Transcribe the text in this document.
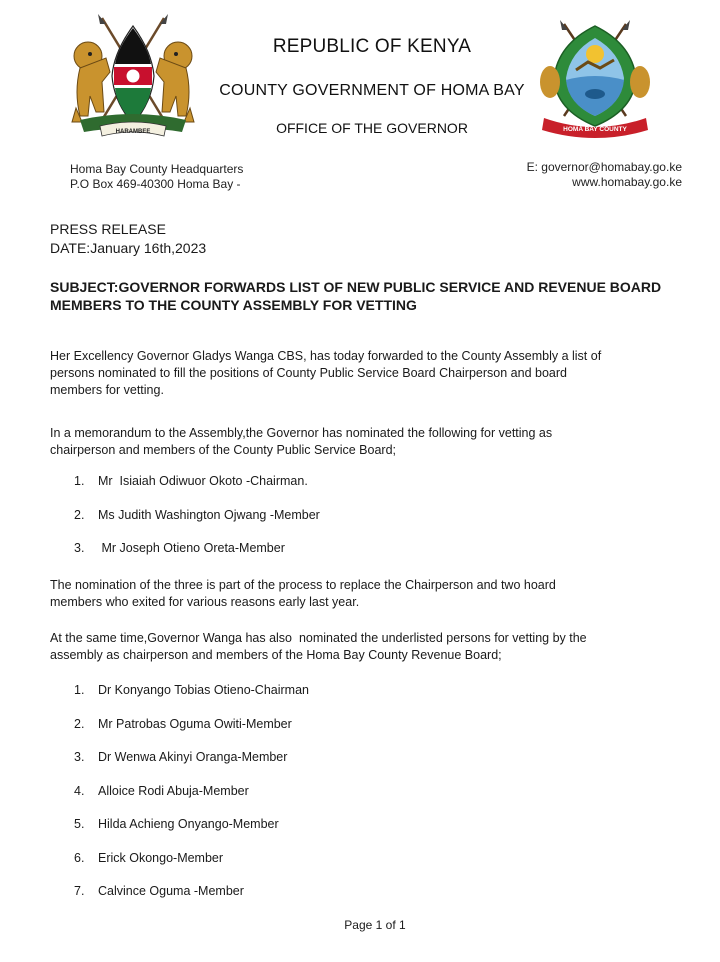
HARAMBEE	HOMA BAY COUNTY
REPUBLIC OF KENYA
COUNTY GOVERNMENT OF HOMA BAY
OFFICE OF THE GOVERNOR
Homa Bay County Headquarters
P.O Box 469-40300 Homa Bay -
E: governor@homabay.go.ke
www.homabay.go.ke
PRESS RELEASE
DATE:January 16th,2023
SUBJECT:GOVERNOR FORWARDS LIST OF NEW PUBLIC SERVICE AND REVENUE BOARD
MEMBERS TO THE COUNTY ASSEMBLY FOR VETTING
Her Excellency Governor Gladys Wanga CBS, has today forwarded to the County Assembly a list of
persons nominated to fill the positions of County Public Service Board Chairperson and board
members for vetting.
In a memorandum to the Assembly,the Governor has nominated the following for vetting as
chairperson and members of the County Public Service Board;
1.	Mr  Isiaiah Odiwuor Okoto -Chairman.
2.	Ms Judith Washington Ojwang -Member
3.	Mr Joseph Otieno Oreta-Member
The nomination of the three is part of the process to replace the Chairperson and two hoard
members who exited for various reasons early last year.
At the same time,Governor Wanga has also  nominated the underlisted persons for vetting by the
assembly as chairperson and members of the Homa Bay County Revenue Board;
1.	Dr Konyango Tobias Otieno-Chairman
2.	Mr Patrobas Oguma Owiti-Member
3.	Dr Wenwa Akinyi Oranga-Member
4.	Alloice Rodi Abuja-Member
5.	Hilda Achieng Onyango-Member
6.	Erick Okongo-Member
7.	Calvince Oguma -Member
Page 1 of 1
